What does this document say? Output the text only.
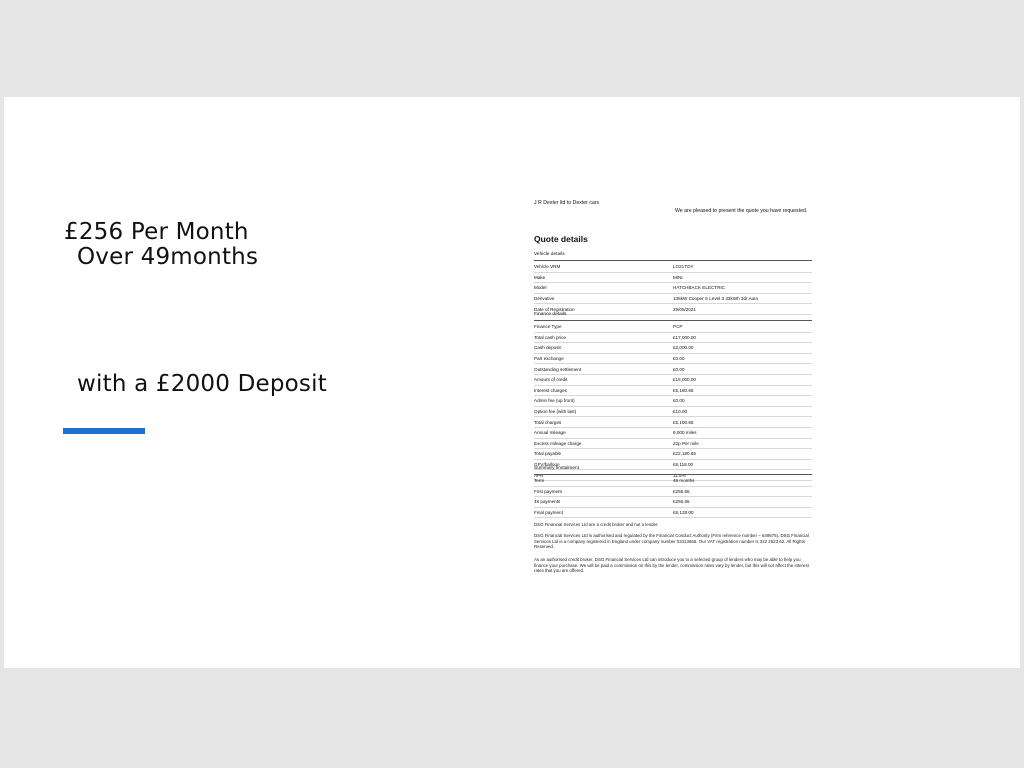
£256 Per Month
Over 49months
with a £2000 Deposit
J R Dexter ltd to Dexter cars
We are pleased to present the quote you have requested.
Quote details
Vehicle details
Vehicle VRM	LO21TOY
Make	MINI
Model	HATCHBACK ELECTRIC
Derivative	135kW Cooper S Level 3 33kWh 3dr Auto
Date of Registration	29/05/2021
Finance details
Finance Type	PCP
Total cash price	£17,000.00
Cash deposit	£2,000.00
Part exchange	£0.00
Outstanding settlement	£0.00
Amount of credit	£15,000.00
Interest charges	£5,180.65
Admin fee (up front)	£0.00
Option fee (with last)	£10.00
Total charges	£5,190.65
Annual mileage	8,000 miles
Excess mileage charge	22p Per mile
Total payable	£22,190.65
GFV/balloon	£8,118.00
APR	11.5%
Summary finstalment
Term	49 months
First payment	£256.65
48 payments	£256.65
Final payment	£8,128.00
DSG Financial Services Ltd are a credit broker and not a lender.
DSG Financial Services Ltd is authorised and regulated by the Financial Conduct Authority (Firm reference number – 649875). DSG Financial Services Ltd is a company registered in England under company number 02313665. Our VAT registration number is 322 2523 62. All Rights Reserved.
As an authorised credit broker, DSG Financial Services Ltd can introduce you to a selected group of lenders who may be able to help you finance your purchase. We will be paid a commission on this by the lender, commission rates vary by lender, but this will not affect the interest rates that you are offered.
